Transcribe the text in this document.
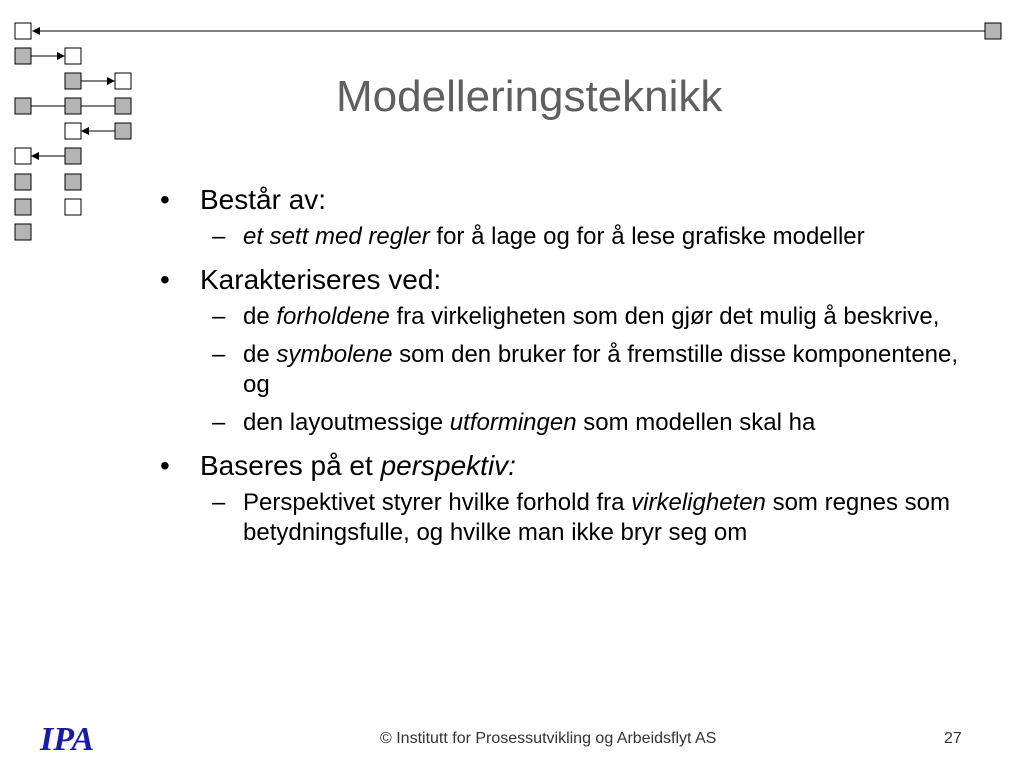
Modelleringsteknikk
• Består av:
– et sett med regler for å lage og for å lese grafiske modeller
• Karakteriseres ved:
– de forholdene fra virkeligheten som den gjør det mulig å beskrive,
– de symbolene som den bruker for å fremstille disse komponentene, og
– den layoutmessige utformingen som modellen skal ha
• Baseres på et perspektiv:
– Perspektivet styrer hvilke forhold fra virkeligheten som regnes som betydningsfulle, og hvilke man ikke bryr seg om
IPA	© Institutt for Prosessutvikling og Arbeidsflyt AS	27
